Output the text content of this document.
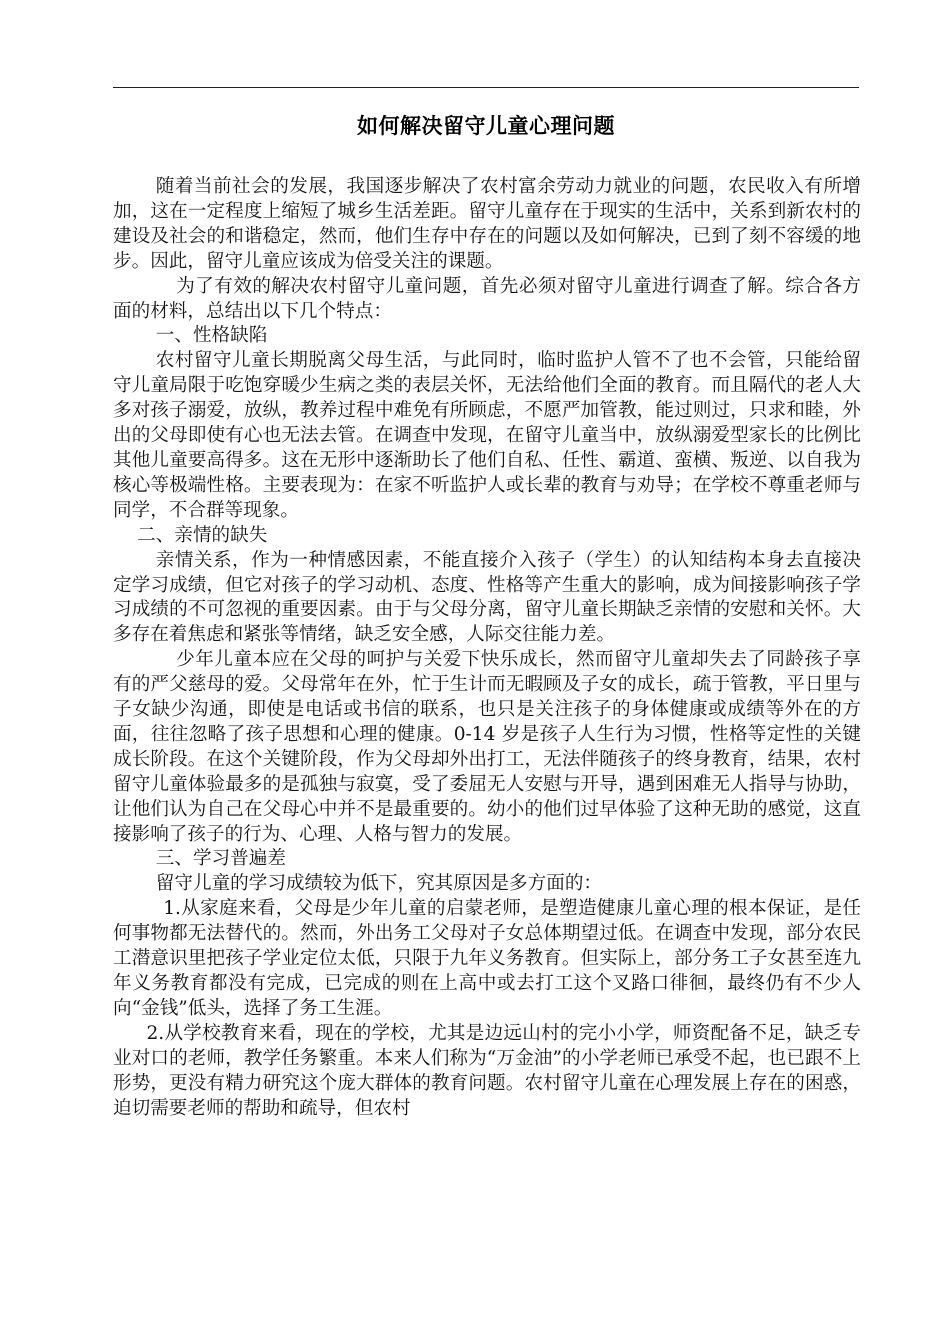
如何解决留守儿童心理问题

随着当前社会的发展，我国逐步解决了农村富余劳动力就业的问题，农民收入有所增加，这在一定程度上缩短了城乡生活差距。留守儿童存在于现实的生活中，关系到新农村的建设及社会的和谐稳定，然而，他们生存中存在的问题以及如何解决，已到了刻不容缓的地步。因此，留守儿童应该成为倍受关注的课题。

为了有效的解决农村留守儿童问题，首先必须对留守儿童进行调查了解。综合各方面的材料，总结出以下几个特点：

一、性格缺陷

农村留守儿童长期脱离父母生活，与此同时，临时监护人管不了也不会管，只能给留守儿童局限于吃饱穿暖少生病之类的表层关怀，无法给他们全面的教育。而且隔代的老人大多对孩子溺爱，放纵，教养过程中难免有所顾虑，不愿严加管教，能过则过，只求和睦，外出的父母即使有心也无法去管。在调查中发现，在留守儿童当中，放纵溺爱型家长的比例比其他儿童要高得多。这在无形中逐渐助长了他们自私、任性、霸道、蛮横、叛逆、以自我为核心等极端性格。主要表现为：在家不听监护人或长辈的教育与劝导；在学校不尊重老师与同学，不合群等现象。

二、亲情的缺失

亲情关系，作为一种情感因素，不能直接介入孩子（学生）的认知结构本身去直接决定学习成绩，但它对孩子的学习动机、态度、性格等产生重大的影响，成为间接影响孩子学习成绩的不可忽视的重要因素。由于与父母分离，留守儿童长期缺乏亲情的安慰和关怀。大多存在着焦虑和紧张等情绪，缺乏安全感，人际交往能力差。

少年儿童本应在父母的呵护与关爱下快乐成长，然而留守儿童却失去了同龄孩子享有的严父慈母的爱。父母常年在外，忙于生计而无暇顾及子女的成长，疏于管教，平日里与子女缺少沟通，即使是电话或书信的联系，也只是关注孩子的身体健康或成绩等外在的方面，往往忽略了孩子思想和心理的健康。0-14 岁是孩子人生行为习惯，性格等定性的关键成长阶段。在这个关键阶段，作为父母却外出打工，无法伴随孩子的终身教育，结果，农村留守儿童体验最多的是孤独与寂寞，受了委屈无人安慰与开导，遇到困难无人指导与协助，让他们认为自己在父母心中并不是最重要的。幼小的他们过早体验了这种无助的感觉，这直接影响了孩子的行为、心理、人格与智力的发展。

三、学习普遍差

留守儿童的学习成绩较为低下，究其原因是多方面的：

1.从家庭来看，父母是少年儿童的启蒙老师，是塑造健康儿童心理的根本保证，是任何事物都无法替代的。然而，外出务工父母对子女总体期望过低。在调查中发现，部分农民工潜意识里把孩子学业定位太低，只限于九年义务教育。但实际上，部分务工子女甚至连九年义务教育都没有完成，已完成的则在上高中或去打工这个叉路口徘徊，最终仍有不少人向“金钱”低头，选择了务工生涯。

2.从学校教育来看，现在的学校，尤其是边远山村的完小小学，师资配备不足，缺乏专业对口的老师，教学任务繁重。本来人们称为“万金油”的小学老师已承受不起，也已跟不上形势，更没有精力研究这个庞大群体的教育问题。农村留守儿童在心理发展上存在的困惑，迫切需要老师的帮助和疏导，但农村
